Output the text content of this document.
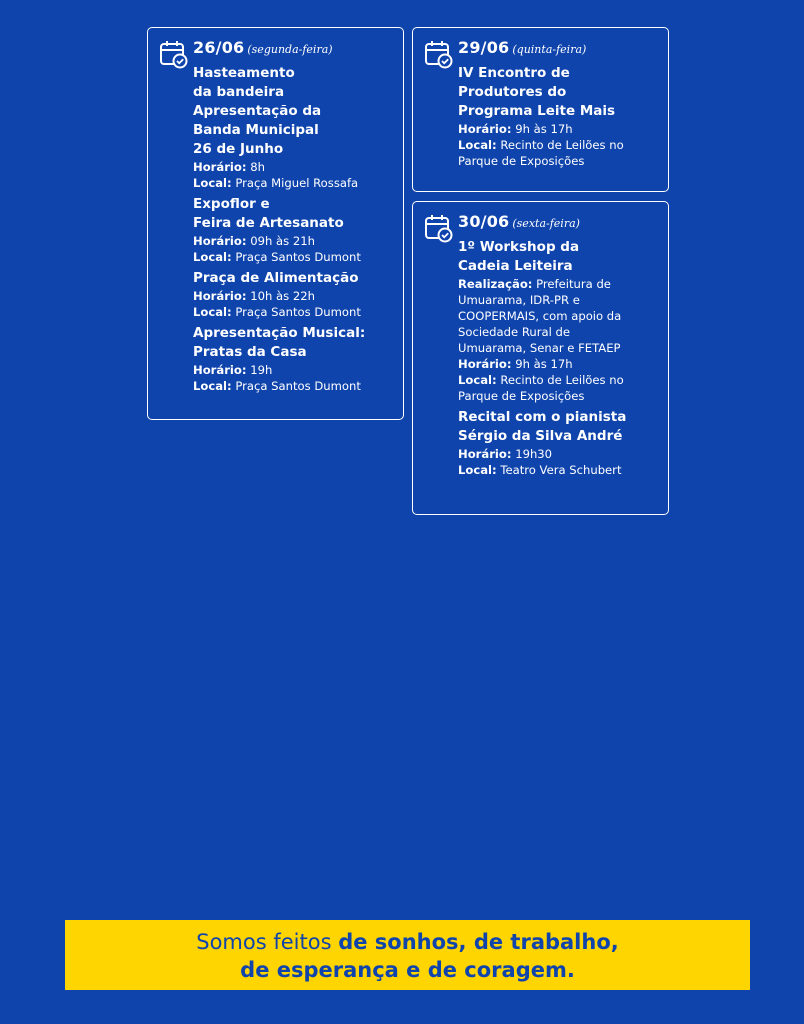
26/06 (segunda-feira)
Hasteamento
da bandeira
Apresentação da
Banda Municipal
26 de Junho
Horário: 8h
Local: Praça Miguel Rossafa
Expoflor e
Feira de Artesanato
Horário: 09h às 21h
Local: Praça Santos Dumont
Praça de Alimentação
Horário: 10h às 22h
Local: Praça Santos Dumont
Apresentação Musical:
Pratas da Casa
Horário: 19h
Local: Praça Santos Dumont
29/06 (quinta-feira)
IV Encontro de
Produtores do
Programa Leite Mais
Horário: 9h às 17h
Local: Recinto de Leilões no
Parque de Exposições
30/06 (sexta-feira)
1º Workshop da
Cadeia Leiteira
Realização: Prefeitura de
Umuarama, IDR-PR e
COOPERMAIS, com apoio da
Sociedade Rural de
Umuarama, Senar e FETAEP
Horário: 9h às 17h
Local: Recinto de Leilões no
Parque de Exposições
Recital com o pianista
Sérgio da Silva André
Horário: 19h30
Local: Teatro Vera Schubert
Somos feitos de sonhos, de trabalho,
de esperança e de coragem.
